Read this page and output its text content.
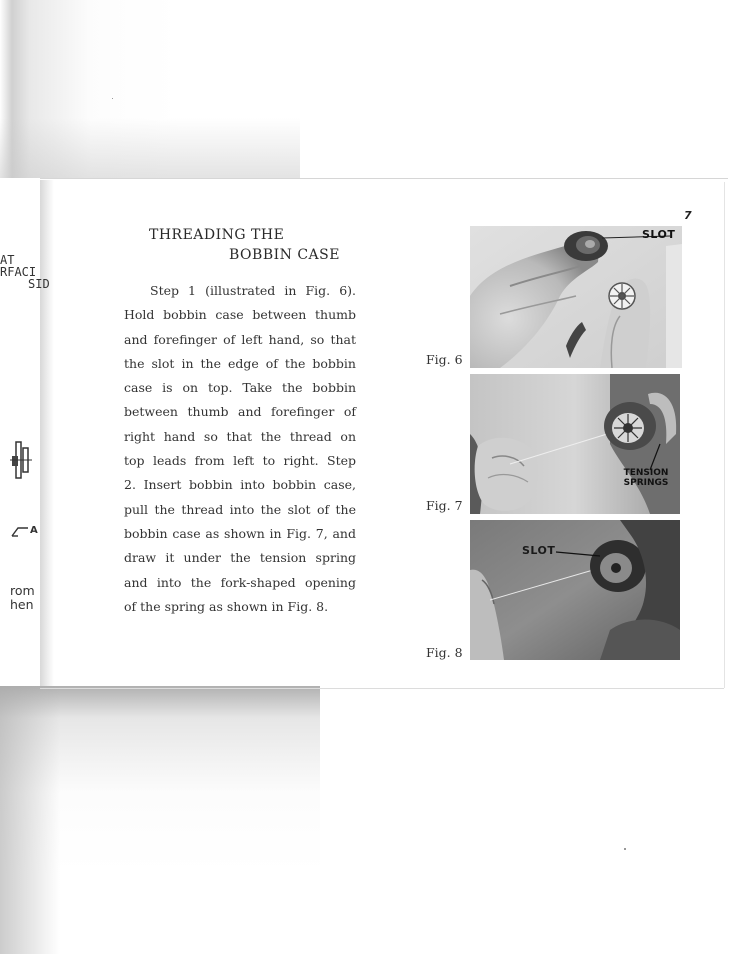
AT
RFACI
SID
A
rom
hen
7
THREADING THE
BOBBIN CASE
Step 1 (illustrated in Fig. 6).
Hold bobbin case between thumb
and forefinger of left hand, so that
the slot in the edge of the bobbin
case is on top. Take the bobbin
between thumb and forefinger of
right hand so that the thread on
top leads from left to right. Step
2. Insert bobbin into bobbin case,
pull the thread into the slot of the
bobbin case as shown in Fig. 7, and
draw it under the tension spring
and into the fork-shaped opening
of the spring as shown in Fig. 8.
Fig. 6
Fig. 7
Fig. 8
SLOT
TENSION
SPRINGS
SLOT
